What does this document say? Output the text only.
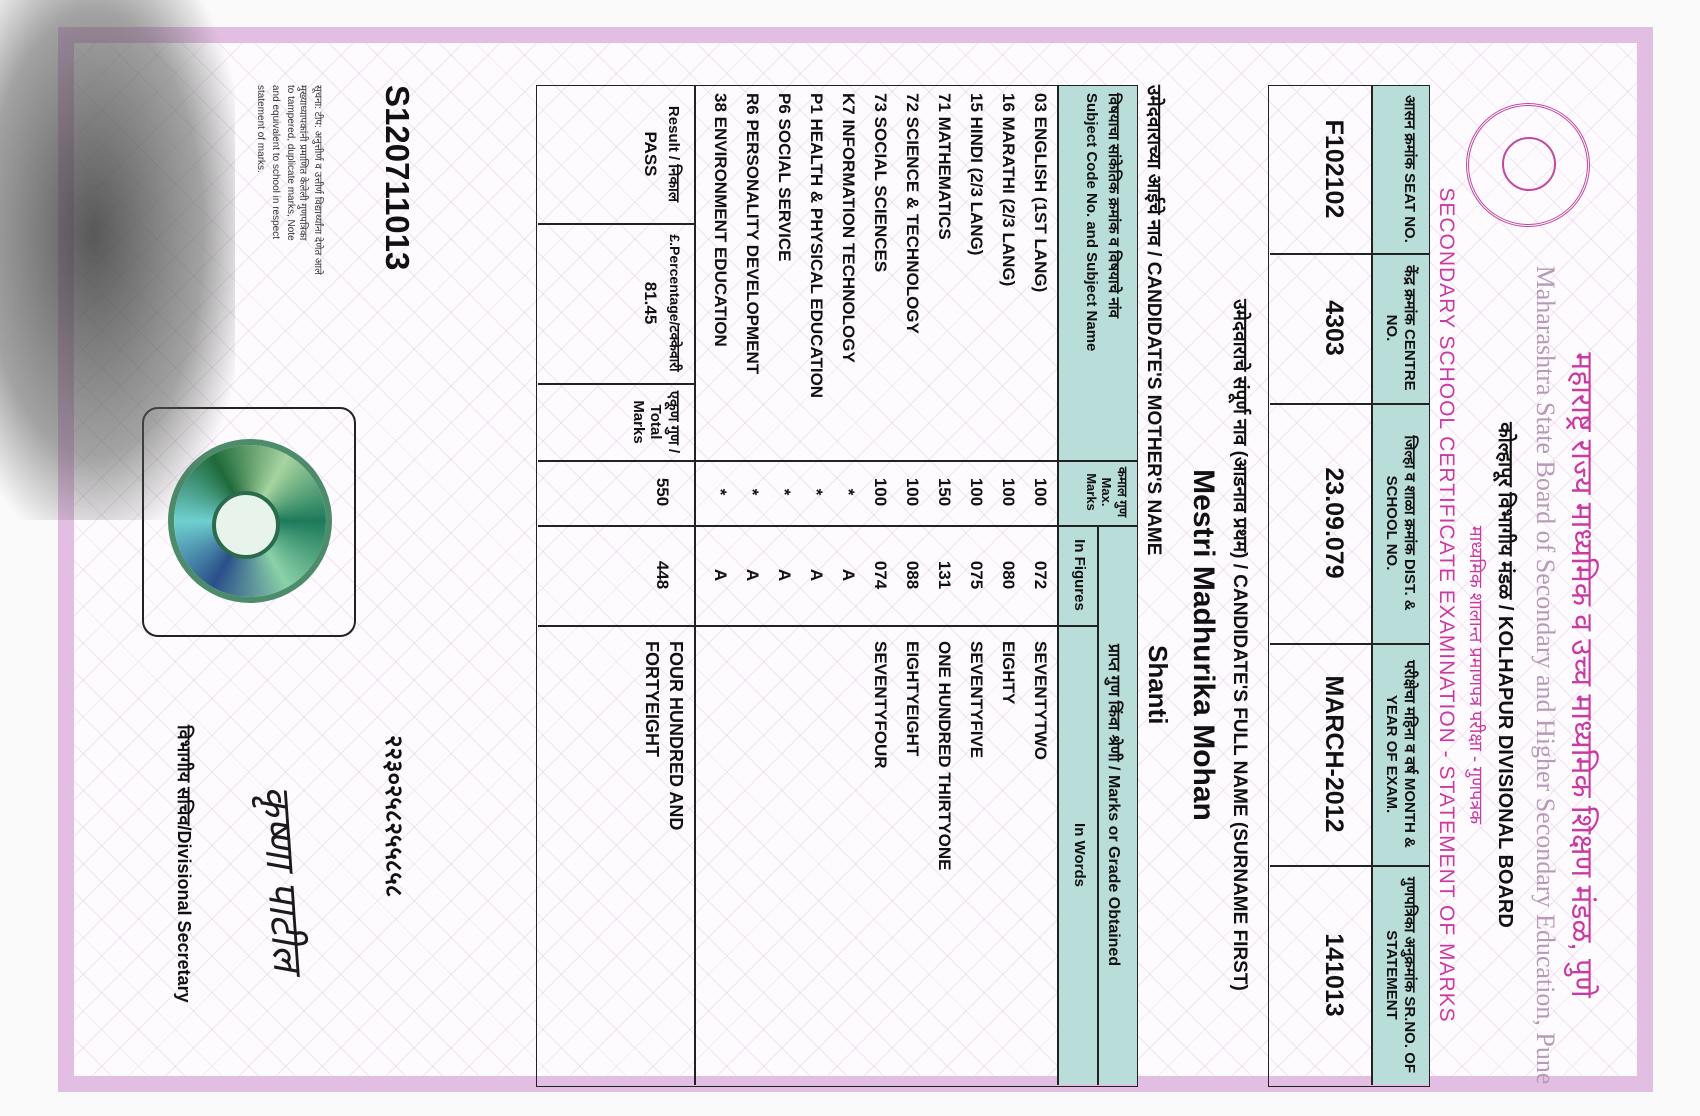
महाराष्ट्र राज्य माध्यमिक व उच्च माध्यमिक शिक्षण मंडळ, पुणे
Maharashtra State Board of Secondary and Higher Secondary Education, Pune
कोल्हापूर विभागीय मंडळ / KOLHAPUR DIVISIONAL BOARD
माध्यमिक शालान्त प्रमाणपत्र परीक्षा - गुणपत्रक
SECONDARY SCHOOL CERTIFICATE EXAMINATION - STATEMENT OF MARKS
आसन क्रमांक SEAT NO.
केंद्र क्रमांक CENTRE NO.
जिल्हा व शाळा क्रमांक DIST. & SCHOOL NO.
परीक्षेचा महिना व वर्ष MONTH & YEAR OF EXAM.
गुणपत्रिका अनुक्रमांक SR.NO. OF STATEMENT
F102102
4303
23.09.079
MARCH-2012
141013
उमेदवाराचे संपूर्ण नाव (आडनाव प्रथम) / CANDIDATE'S FULL NAME (SURNAME FIRST)
Mestri Madhurika Mohan
उमेदवाराच्या आईचे नाव / CANDIDATE'S MOTHER'S NAME
Shanti
विषयाचा सांकेतिक क्रमांक व विषयाचे नांव
Subject Code No. and Subject Name
कमाल गुण Max. Marks
प्राप्त गुण किंवा श्रेणी / Marks or Grade Obtained
In Figures
In Words
03 ENGLISH (1ST LANG)
100
072
SEVENTYTWO
16 MARATHI (2/3 LANG)
100
080
EIGHTY
15 HINDI (2/3 LANG)
100
075
SEVENTYFIVE
71 MATHEMATICS
150
131
ONE HUNDRED THIRTYONE
72 SCIENCE & TECHNOLOGY
100
088
EIGHTYEIGHT
73 SOCIAL SCIENCES
100
074
SEVENTYFOUR
K7 INFORMATION TECHNOLOGY
*
A
P1 HEALTH & PHYSICAL EDUCATION
*
A
P6 SOCIAL SERVICE
*
A
R6 PERSONALITY DEVELOPMENT
*
A
38 ENVIRONMENT EDUCATION
*
A
Result / निकाल
PASS
£.Percentage/टक्केवारी
81.45
एकूण गुण / Total Marks
550
448
FOUR HUNDRED AND
FORTYEIGHT
S120711013
२२३०२५८२५५८५८
सूचना: टीप: अनुत्तीर्ण व उत्तीर्ण विद्यार्थ्यांना देणेत आले
मुख्याध्यापकांनी प्रमाणित केलेली गुणपत्रिका
to tampered, duplicate marks, Note
and equivalent to school in respect
statement of marks.
कृष्णा पाटील
विभागीय सचिव/Divisional Secretary
